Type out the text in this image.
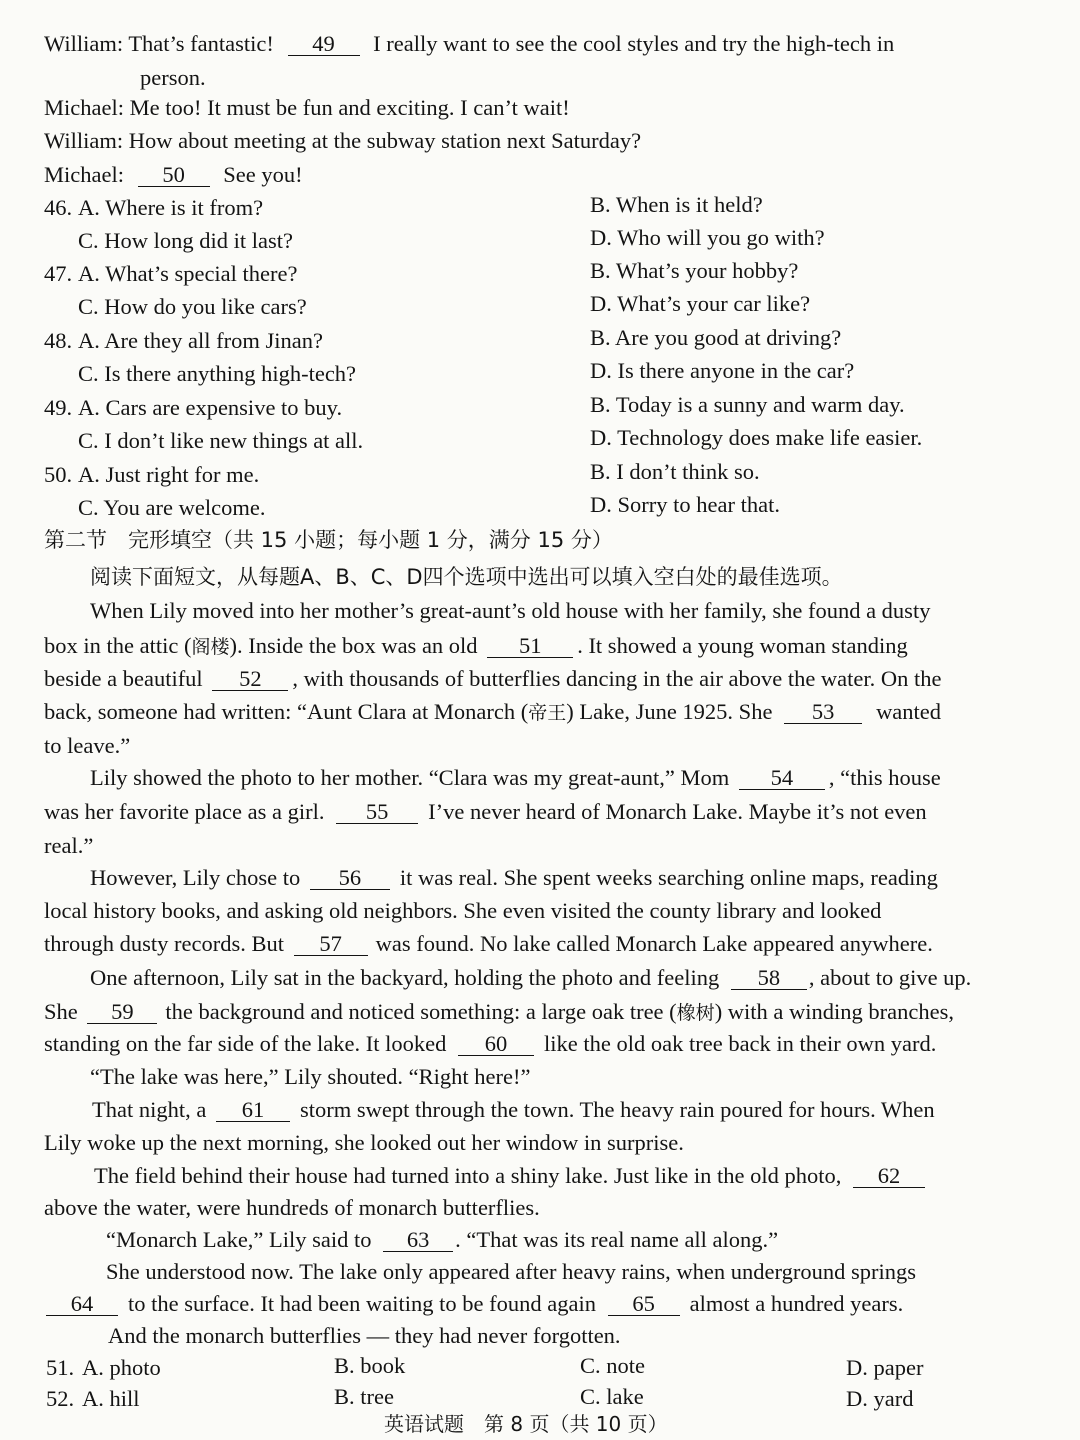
William: That’s fantastic! 49 I really want to see the cool styles and try the high-tech in
person.
Michael: Me too! It must be fun and exciting. I can’t wait!
William: How about meeting at the subway station next Saturday?
Michael: 50 See you!
46. A. Where is it from?	B. When is it held?
C. How long did it last?	D. Who will you go with?
47. A. What’s special there?	B. What’s your hobby?
C. How do you like cars?	D. What’s your car like?
48. A. Are they all from Jinan?	B. Are you good at driving?
C. Is there anything high-tech?	D. Is there anyone in the car?
49. A. Cars are expensive to buy.	B. Today is a sunny and warm day.
C. I don’t like new things at all.	D. Technology does make life easier.
50. A. Just right for me.	B. I don’t think so.
C. You are welcome.	D. Sorry to hear that.
第二节　完形填空（共 15 小题；每小题 1 分，满分 15 分）
阅读下面短文，从每题A、B、C、D四个选项中选出可以填入空白处的最佳选项。
When Lily moved into her mother’s great-aunt’s old house with her family, she found a dusty
box in the attic (阁楼). Inside the box was an old 51 . It showed a young woman standing
beside a beautiful 52 , with thousands of butterflies dancing in the air above the water. On the
back, someone had written: “Aunt Clara at Monarch (帝王) Lake, June 1925. She 53 wanted
to leave.”
Lily showed the photo to her mother. “Clara was my great-aunt,” Mom 54 , “this house
was her favorite place as a girl. 55 I’ve never heard of Monarch Lake. Maybe it’s not even
real.”
However, Lily chose to 56 it was real. She spent weeks searching online maps, reading
local history books, and asking old neighbors. She even visited the county library and looked
through dusty records. But 57 was found. No lake called Monarch Lake appeared anywhere.
One afternoon, Lily sat in the backyard, holding the photo and feeling 58 , about to give up.
She 59 the background and noticed something: a large oak tree (橡树) with a winding branches,
standing on the far side of the lake. It looked 60 like the old oak tree back in their own yard.
“The lake was here,” Lily shouted. “Right here!”
That night, a 61 storm swept through the town. The heavy rain poured for hours. When
Lily woke up the next morning, she looked out her window in surprise.
The field behind their house had turned into a shiny lake. Just like in the old photo, 62
above the water, were hundreds of monarch butterflies.
“Monarch Lake,” Lily said to 63 . “That was its real name all along.”
She understood now. The lake only appeared after heavy rains, when underground springs
64 to the surface. It had been waiting to be found again 65 almost a hundred years.
And the monarch butterflies — they had never forgotten.
51. A. photo	B. book	C. note	D. paper
52. A. hill	B. tree	C. lake	D. yard
英语试题　第 8 页（共 10 页）
